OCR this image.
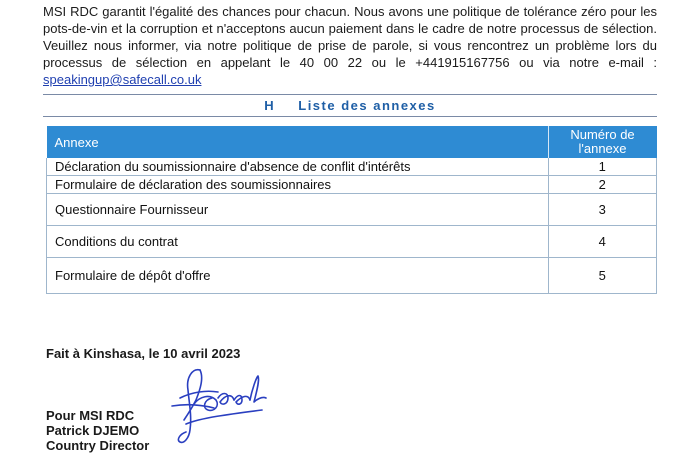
MSI RDC garantit l'égalité des chances pour chacun. Nous avons une politique de tolérance zéro pour les pots-de-vin et la corruption et n'acceptons aucun paiement dans le cadre de notre processus de sélection. Veuillez nous informer, via notre politique de prise de parole, si vous rencontrez un problème lors du processus de sélection en appelant le 40 00 22 ou le +441915167756 ou via notre e-mail : speakingup@safecall.co.uk
H Liste des annexes
Annexe	Numéro de l'annexe
Déclaration du soumissionnaire d'absence de conflit d'intérêts	1
Formulaire de déclaration des soumissionnaires	2
Questionnaire Fournisseur	3
Conditions du contrat	4
Formulaire de dépôt d'offre	5
Fait à Kinshasa, le 10 avril 2023
Pour MSI RDC
Patrick DJEMO
Country Director
